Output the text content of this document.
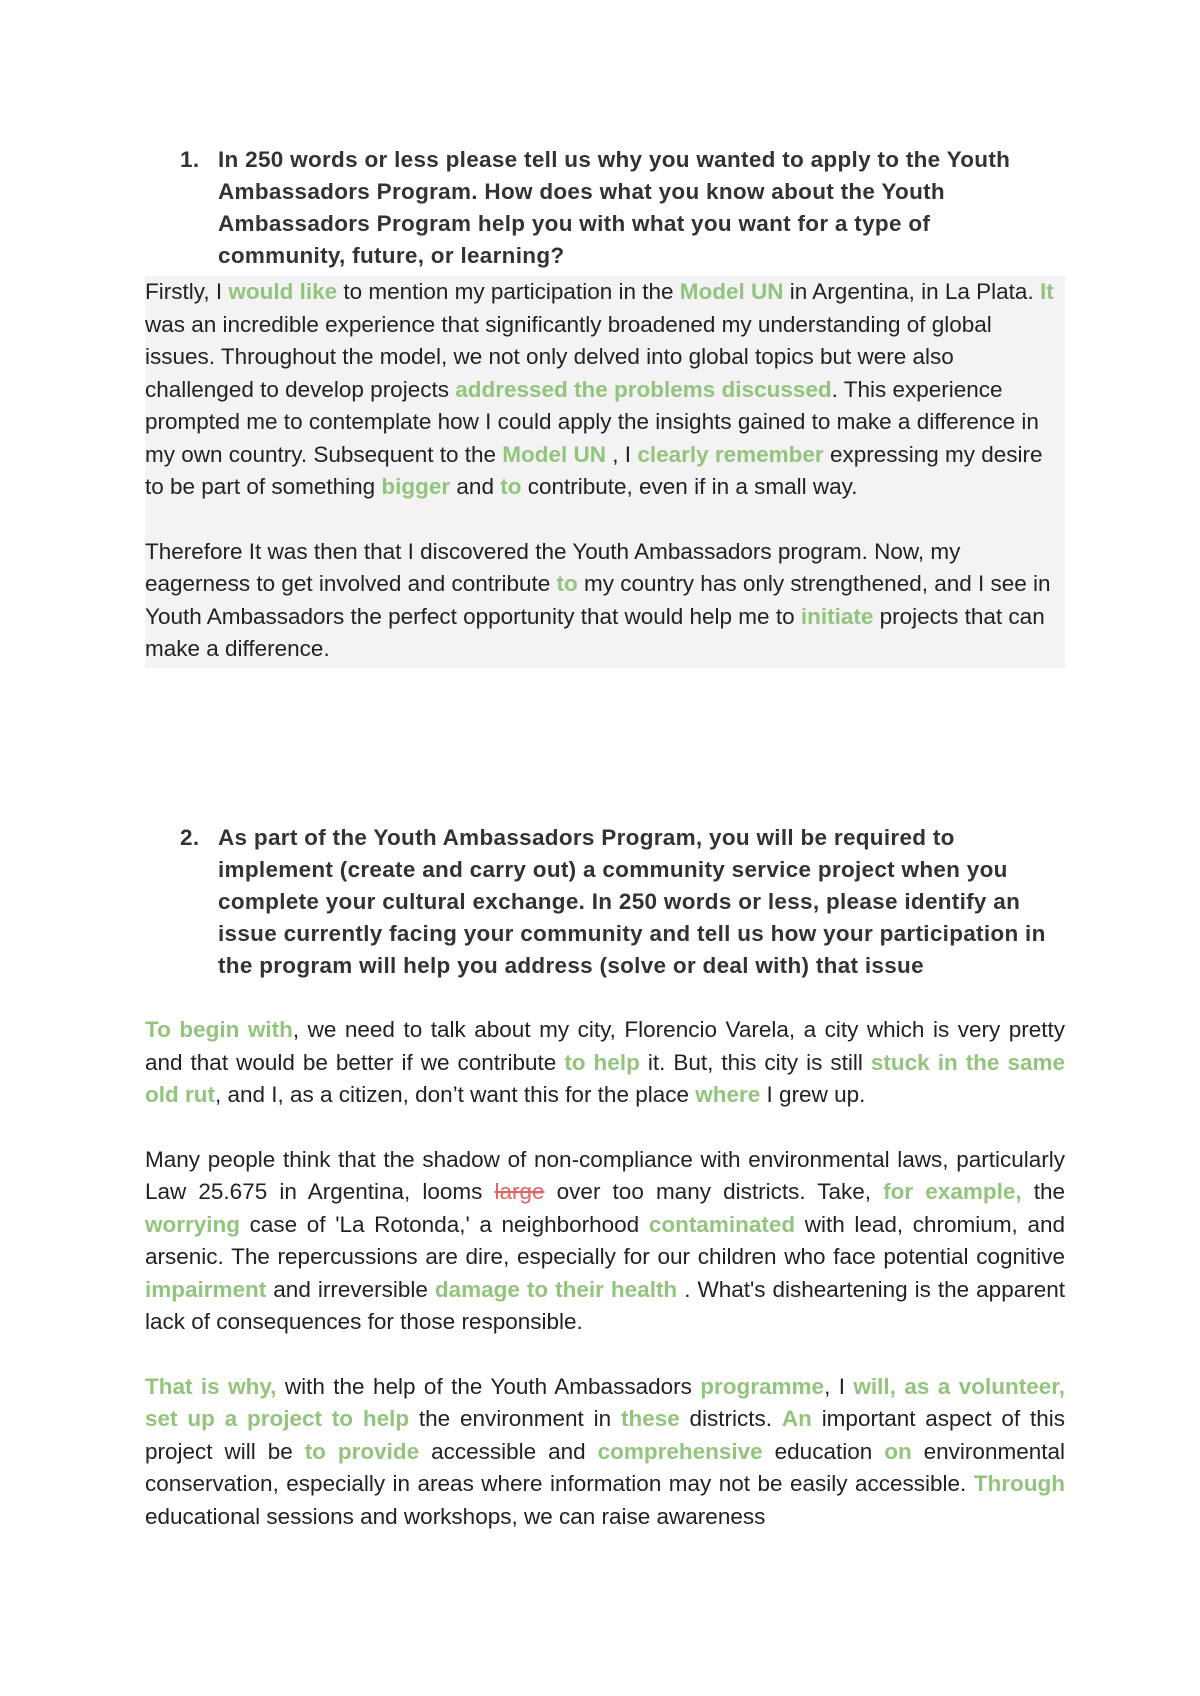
1. In 250 words or less please tell us why you wanted to apply to the Youth Ambassadors Program. How does what you know about the Youth Ambassadors Program help you with what you want for a type of community, future, or learning?

Firstly, I would like to mention my participation in the Model UN in Argentina, in La Plata. It was an incredible experience that significantly broadened my understanding of global issues. Throughout the model, we not only delved into global topics but were also challenged to develop projects addressed the problems discussed. This experience prompted me to contemplate how I could apply the insights gained to make a difference in my own country. Subsequent to the Model UN , I clearly remember expressing my desire to be part of something bigger and to contribute, even if in a small way.

Therefore It was then that I discovered the Youth Ambassadors program. Now, my eagerness to get involved and contribute to my country has only strengthened, and I see in Youth Ambassadors the perfect opportunity that would help me to initiate projects that can make a difference.

2. As part of the Youth Ambassadors Program, you will be required to implement (create and carry out) a community service project when you complete your cultural exchange. In 250 words or less, please identify an issue currently facing your community and tell us how your participation in the program will help you address (solve or deal with) that issue

To begin with, we need to talk about my city, Florencio Varela, a city which is very pretty and that would be better if we contribute to help it. But, this city is still stuck in the same old rut, and I, as a citizen, don’t want this for the place where I grew up.

Many people think that the shadow of non-compliance with environmental laws, particularly Law 25.675 in Argentina, looms large over too many districts. Take, for example, the worrying case of 'La Rotonda,' a neighborhood contaminated with lead, chromium, and arsenic. The repercussions are dire, especially for our children who face potential cognitive impairment and irreversible damage to their health . What's disheartening is the apparent lack of consequences for those responsible.

That is why, with the help of the Youth Ambassadors programme, I will, as a volunteer, set up a project to help the environment in these districts. An important aspect of this project will be to provide accessible and comprehensive education on environmental conservation, especially in areas where information may not be easily accessible. Through educational sessions and workshops, we can raise awareness
